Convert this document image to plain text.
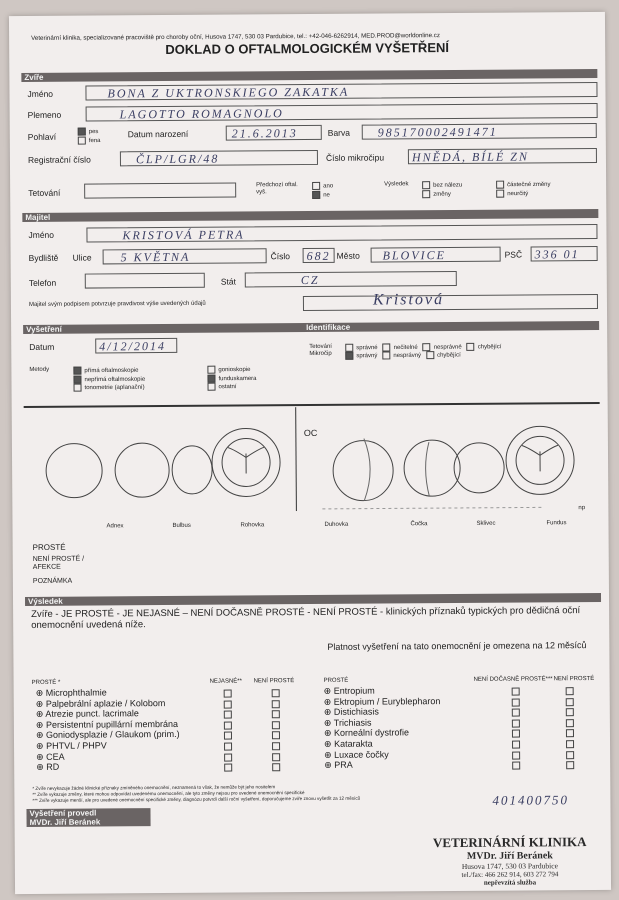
Veterinární klinika, specializované pracoviště pro choroby oční, Husova 1747, 530 03 Pardubice, tel.: +42-046-6262914, MED.PROD@worldonline.cz
DOKLAD O OFTALMOLOGICKÉM VYŠETŘENÍ
Zvíře
Jméno	BONA Z UKTRONSKIEGO ZAKATKA
Plemeno	LAGOTTO ROMAGNOLO
Pohlaví	pes
fena
Datum narození	21.6.2013	Barva 985170002491471
Registrační číslo	ČLP/LGR/48	Číslo mikročipu HNĚDÁ, BÍLÉ ZN
Tetování
Předchozí oftal. vyš.
ano
ne
Výsledek	bez nálezu
změny
částečné změny
neurčitý
Majitel
Jméno	KRISTOVÁ PETRA
Bydliště Ulice 5 KVĚTNA	Číslo 682 Město BLOVICE	PSČ 336 01
Telefon	Stát	CZ
Majitel svým podpisem potvrzuje pravdivost výše uvedených údajů	Kristová
Vyšetření	Identifikace
Datum	4/12/2014	Tetování
Mikročip
správné	nečitelné	nesprávné	chybějící
správný	nesprávný	chybějící
Metody	přímá oftalmoskopie
nepřímá oftalmoskopie
tonometrie (aplanační)
gonioskopie
funduskamera
ostatní
OC
np
Adnex	Bulbus	Rohovka	Duhovka	Čočka	Sklivec	Fundus
PROSTÉ
NENÍ PROSTÉ / AFEKCE
POZNÁMKA
Výsledek
Zvíře - JE PROSTÉ - JE NEJASNÉ – NENÍ DOČASNĚ PROSTÉ - NENÍ PROSTÉ - klinických příznaků typických pro dědičná oční onemocnění uvedená níže.
Platnost vyšetření na tato onemocnění je omezena na 12 měsíců
PROSTÉ *	NEJASNÉ** NENÍ PROSTÉ	PROSTÉ	NENÍ DOČASNĚ PROSTÉ*** NENÍ PROSTÉ
⊕ Microphthalmie
⊕ Palpebrální aplazie / Kolobom
⊕ Atrezie punct. lacrimale
⊕ Persistentní pupillární membrána
⊕ Goniodysplazie / Glaukom (prim.)
⊕ PHTVL / PHPV
⊕ CEA
⊕ RD
⊕ Entropium
⊕ Ektropium / Euryblepharon
⊕ Distichiasis
⊕ Trichiasis
⊕ Korneální dystrofie
⊕ Katarakta
⊕ Luxace čočky
⊕ PRA
* Zvíře nevykazuje žádné klinické příznaky zmíněného onemocnění, neznamená to však, že nemůže být jeho nositelem
** Zvíře vykazuje změny, které mohou odpovídat uvedenému onemocnění, ale tyto změny nejsou pro uvedené onemocnění specifické
*** Zvíře vykazuje menší, ale pro uvedené onemocnění specifické změny, diagnózu potvrdí další roční vyšetření, doporučujeme zvíře znovu vyšetřit za 12 měsíců	401400750
Vyšetření provedl
MVDr. Jiří Beránek
VETERINÁRNÍ KLINIKA
MVDr. Jiří Beránek
Husova 1747, 530 03 Pardubice
tel./fax: 466 262 914, 603 272 794
nepřevzítá služba
